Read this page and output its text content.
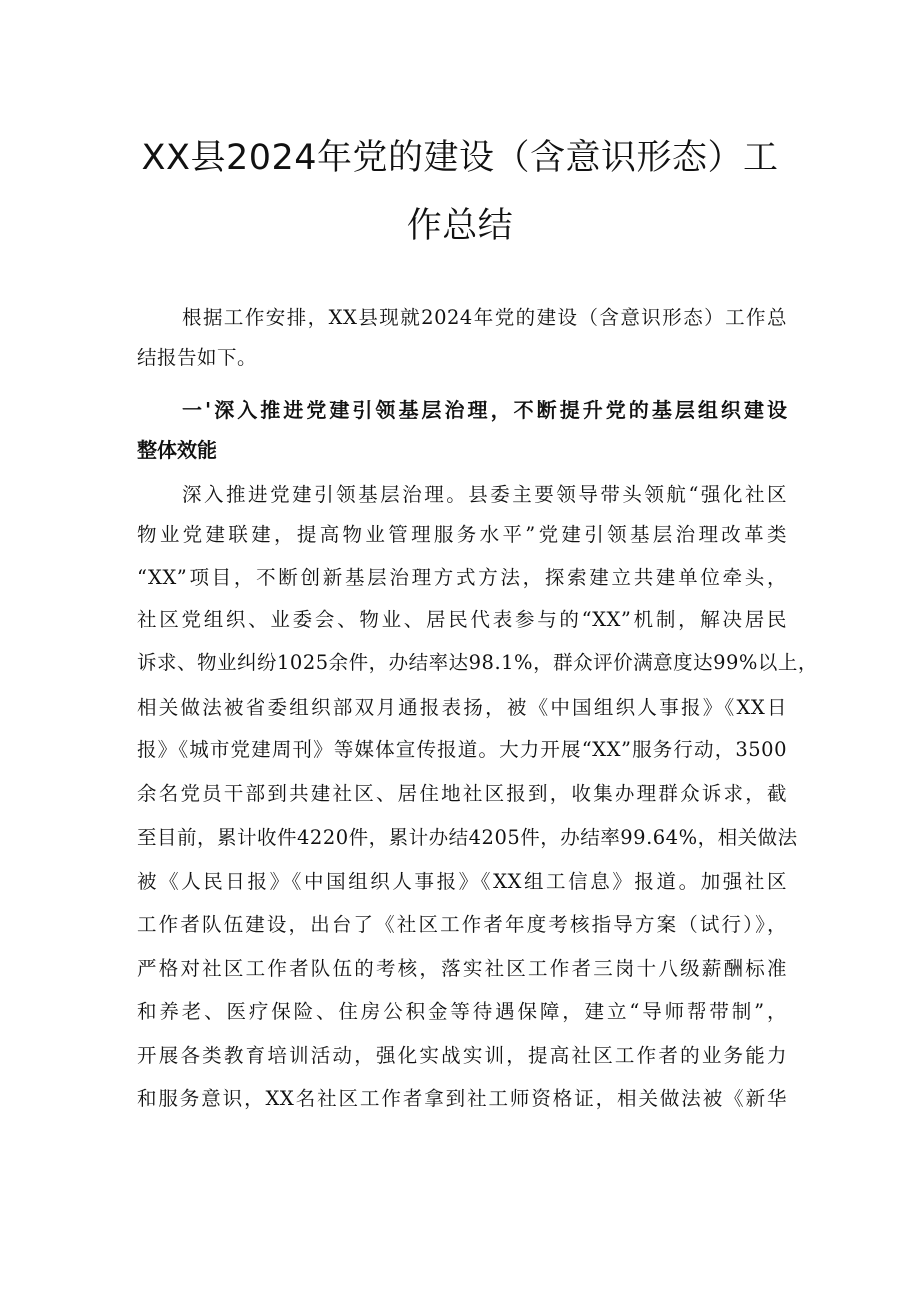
XX县2024年党的建设（含意识形态）工
作总结
根据工作安排，XX县现就2024年党的建设（含意识形态）工作总
结报告如下。
一'深入推进党建引领基层治理，不断提升党的基层组织建设
整体效能
深入推进党建引领基层治理。县委主要领导带头领航“强化社区
物业党建联建，提高物业管理服务水平”党建引领基层治理改革类
“XX”项目，不断创新基层治理方式方法，探索建立共建单位牵头，
社区党组织、业委会、物业、居民代表参与的“XX”机制，解决居民
诉求、物业纠纷1025余件，办结率达98.1%，群众评价满意度达99%以上，
相关做法被省委组织部双月通报表扬，被《中国组织人事报》《XX日
报》《城市党建周刊》等媒体宣传报道。大力开展“XX”服务行动，3500
余名党员干部到共建社区、居住地社区报到，收集办理群众诉求，截
至目前，累计收件4220件，累计办结4205件，办结率99.64%，相关做法
被《人民日报》《中国组织人事报》《XX组工信息》报道。加强社区
工作者队伍建设，出台了《社区工作者年度考核指导方案（试行）》，
严格对社区工作者队伍的考核，落实社区工作者三岗十八级薪酬标准
和养老、医疗保险、住房公积金等待遇保障，建立“导师帮带制”，
开展各类教育培训活动，强化实战实训，提高社区工作者的业务能力
和服务意识，XX名社区工作者拿到社工师资格证，相关做法被《新华
